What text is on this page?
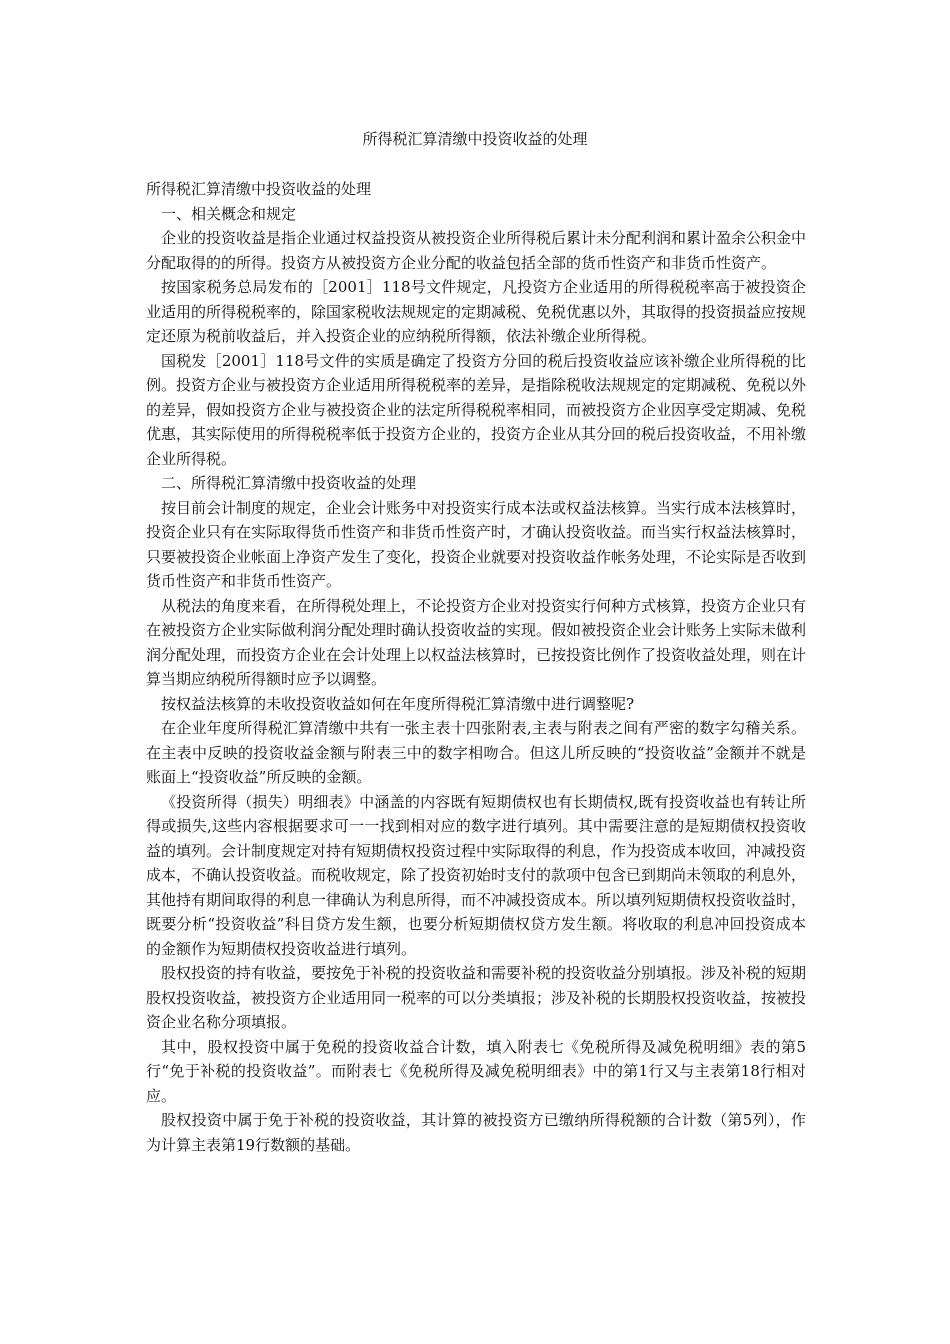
所得税汇算清缴中投资收益的处理

所得税汇算清缴中投资收益的处理

一、相关概念和规定

企业的投资收益是指企业通过权益投资从被投资企业所得税后累计未分配利润和累计盈余公积金中分配取得的的所得。投资方从被投资方企业分配的收益包括全部的货币性资产和非货币性资产。

按国家税务总局发布的［2001］118号文件规定，凡投资方企业适用的所得税税率高于被投资企业适用的所得税税率的，除国家税收法规规定的定期减税、免税优惠以外，其取得的投资损益应按规定还原为税前收益后，并入投资企业的应纳税所得额，依法补缴企业所得税。

国税发［2001］118号文件的实质是确定了投资方分回的税后投资收益应该补缴企业所得税的比例。投资方企业与被投资方企业适用所得税税率的差异，是指除税收法规规定的定期减税、免税以外的差异，假如投资方企业与被投资企业的法定所得税税率相同，而被投资方企业因享受定期减、免税优惠，其实际使用的所得税税率低于投资方企业的，投资方企业从其分回的税后投资收益，不用补缴企业所得税。

二、所得税汇算清缴中投资收益的处理

按目前会计制度的规定，企业会计账务中对投资实行成本法或权益法核算。当实行成本法核算时，投资企业只有在实际取得货币性资产和非货币性资产时，才确认投资收益。而当实行权益法核算时，只要被投资企业帐面上净资产发生了变化，投资企业就要对投资收益作帐务处理，不论实际是否收到货币性资产和非货币性资产。

从税法的角度来看，在所得税处理上，不论投资方企业对投资实行何种方式核算，投资方企业只有在被投资方企业实际做利润分配处理时确认投资收益的实现。假如被投资企业会计账务上实际未做利润分配处理，而投资方企业在会计处理上以权益法核算时，已按投资比例作了投资收益处理，则在计算当期应纳税所得额时应予以调整。

按权益法核算的未收投资收益如何在年度所得税汇算清缴中进行调整呢?

在企业年度所得税汇算清缴中共有一张主表十四张附表,主表与附表之间有严密的数字勾稽关系。在主表中反映的投资收益金额与附表三中的数字相吻合。但这儿所反映的“投资收益”金额并不就是账面上“投资收益”所反映的金额。

《投资所得（损失）明细表》中涵盖的内容既有短期债权也有长期债权,既有投资收益也有转让所得或损失,这些内容根据要求可一一找到相对应的数字进行填列。其中需要注意的是短期债权投资收益的填列。会计制度规定对持有短期债权投资过程中实际取得的利息，作为投资成本收回，冲减投资成本，不确认投资收益。而税收规定，除了投资初始时支付的款项中包含已到期尚未领取的利息外，其他持有期间取得的利息一律确认为利息所得，而不冲减投资成本。所以填列短期债权投资收益时，既要分析“投资收益”科目贷方发生额，也要分析短期债权贷方发生额。将收取的利息冲回投资成本的金额作为短期债权投资收益进行填列。

股权投资的持有收益，要按免于补税的投资收益和需要补税的投资收益分别填报。涉及补税的短期股权投资收益，被投资方企业适用同一税率的可以分类填报；涉及补税的长期股权投资收益，按被投资企业名称分项填报。

其中，股权投资中属于免税的投资收益合计数，填入附表七《免税所得及减免税明细》表的第5行“免于补税的投资收益”。而附表七《免税所得及减免税明细表》中的第1行又与主表第18行相对应。

股权投资中属于免于补税的投资收益，其计算的被投资方已缴纳所得税额的合计数（第5列），作为计算主表第19行数额的基础。
